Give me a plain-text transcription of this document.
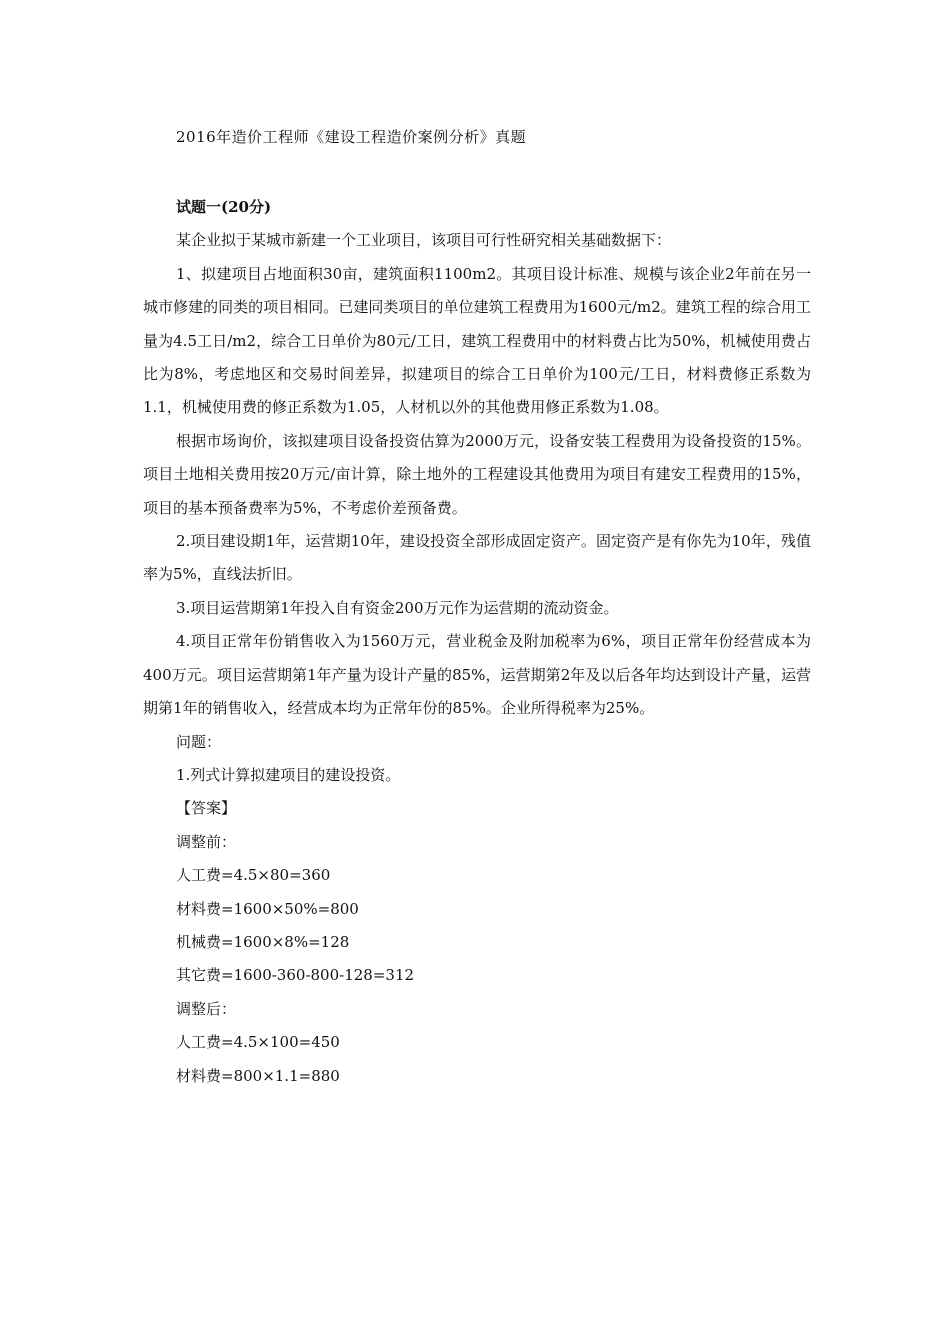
2016年造价工程师《建设工程造价案例分析》真题

试题一(20分)

某企业拟于某城市新建一个工业项目，该项目可行性研究相关基础数据下：

1、拟建项目占地面积30亩，建筑面积1100m2。其项目设计标准、规模与该企业2年前在另一城市修建的同类的项目相同。已建同类项目的单位建筑工程费用为1600元/m2。建筑工程的综合用工量为4.5工日/m2，综合工日单价为80元/工日，建筑工程费用中的材料费占比为50%，机械使用费占比为8%，考虑地区和交易时间差异，拟建项目的综合工日单价为100元/工日，材料费修正系数为1.1，机械使用费的修正系数为1.05，人材机以外的其他费用修正系数为1.08。

根据市场询价，该拟建项目设备投资估算为2000万元，设备安装工程费用为设备投资的15%。项目土地相关费用按20万元/亩计算，除土地外的工程建设其他费用为项目有建安工程费用的15%，项目的基本预备费率为5%，不考虑价差预备费。

2.项目建设期1年，运营期10年，建设投资全部形成固定资产。固定资产是有你先为10年，残值率为5%，直线法折旧。

3.项目运营期第1年投入自有资金200万元作为运营期的流动资金。

4.项目正常年份销售收入为1560万元，营业税金及附加税率为6%，项目正常年份经营成本为400万元。项目运营期第1年产量为设计产量的85%，运营期第2年及以后各年均达到设计产量，运营期第1年的销售收入，经营成本均为正常年份的85%。企业所得税率为25%。

问题：

1.列式计算拟建项目的建设投资。

【答案】

调整前：

人工费=4.5×80=360

材料费=1600×50%=800

机械费=1600×8%=128

其它费=1600-360-800-128=312

调整后：

人工费=4.5×100=450

材料费=800×1.1=880
